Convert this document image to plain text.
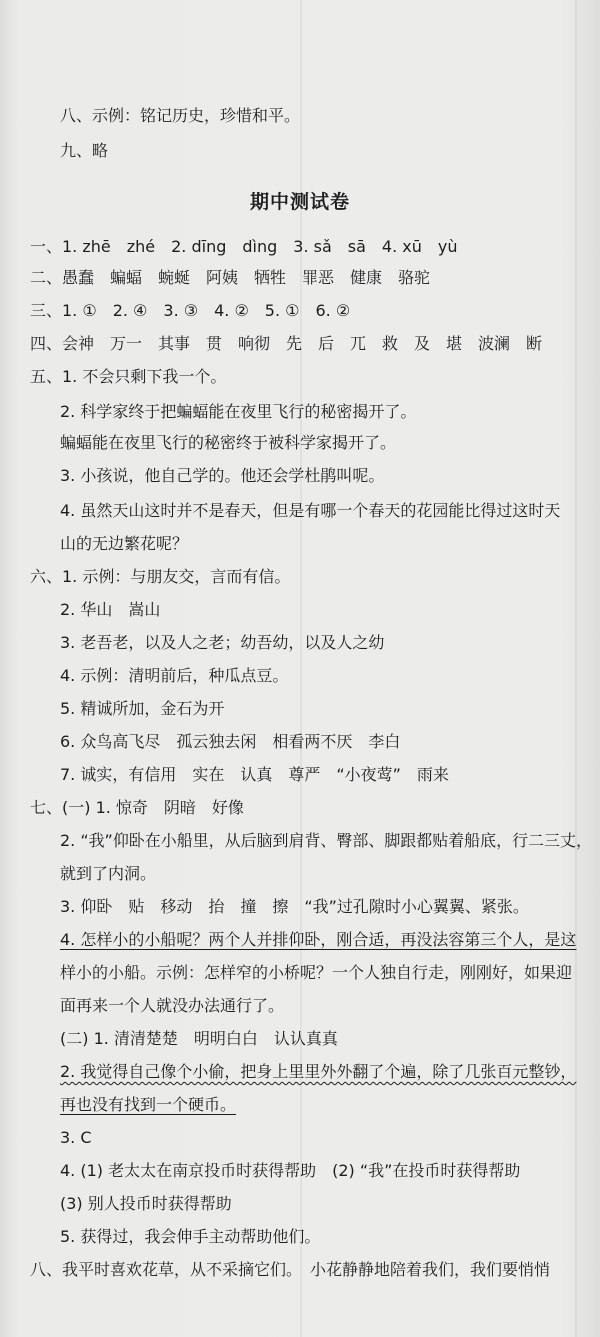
八、示例：铭记历史，珍惜和平。
九、略
期中测试卷
一、1. zhē　zhé　2. dīng　dìng　3. sǎ　sā　4. xū　yù
二、愚蠢　蝙蝠　蜿蜒　阿姨　牺牲　罪恶　健康　骆驼
三、1. ①　2. ④　3. ③　4. ②　5. ①　6. ②
四、会神　万一　其事　贯　响彻　先　后　兀　救　及　堪　波澜　断
五、1. 不会只剩下我一个。
2. 科学家终于把蝙蝠能在夜里飞行的秘密揭开了。
蝙蝠能在夜里飞行的秘密终于被科学家揭开了。
3. 小孩说，他自己学的。他还会学杜鹃叫呢。
4. 虽然天山这时并不是春天，但是有哪一个春天的花园能比得过这时天
山的无边繁花呢？
六、1. 示例：与朋友交，言而有信。
2. 华山　嵩山
3. 老吾老，以及人之老；幼吾幼，以及人之幼
4. 示例：清明前后，种瓜点豆。
5. 精诚所加，金石为开
6. 众鸟高飞尽　孤云独去闲　相看两不厌　李白
7. 诚实，有信用　实在　认真　尊严　“小夜莺”　雨来
七、(一) 1. 惊奇　阴暗　好像
2. “我”仰卧在小船里，从后脑到肩背、臀部、脚跟都贴着船底，行二三丈，
就到了内洞。
3. 仰卧　贴　移动　抬　撞　擦　“我”过孔隙时小心翼翼、紧张。
4. 怎样小的小船呢？两个人并排仰卧，刚合适，再没法容第三个人，是这
样小的小船。示例：怎样窄的小桥呢？一个人独自行走，刚刚好，如果迎
面再来一个人就没办法通行了。
(二) 1. 清清楚楚　明明白白　认认真真
2. 我觉得自己像个小偷，把身上里里外外翻了个遍，除了几张百元整钞，
再也没有找到一个硬币。
3. C
4. (1) 老太太在南京投币时获得帮助　(2) “我”在投币时获得帮助
(3) 别人投币时获得帮助
5. 获得过，我会伸手主动帮助他们。
八、我平时喜欢花草，从不采摘它们。　小花静静地陪着我们，我们要悄悄
